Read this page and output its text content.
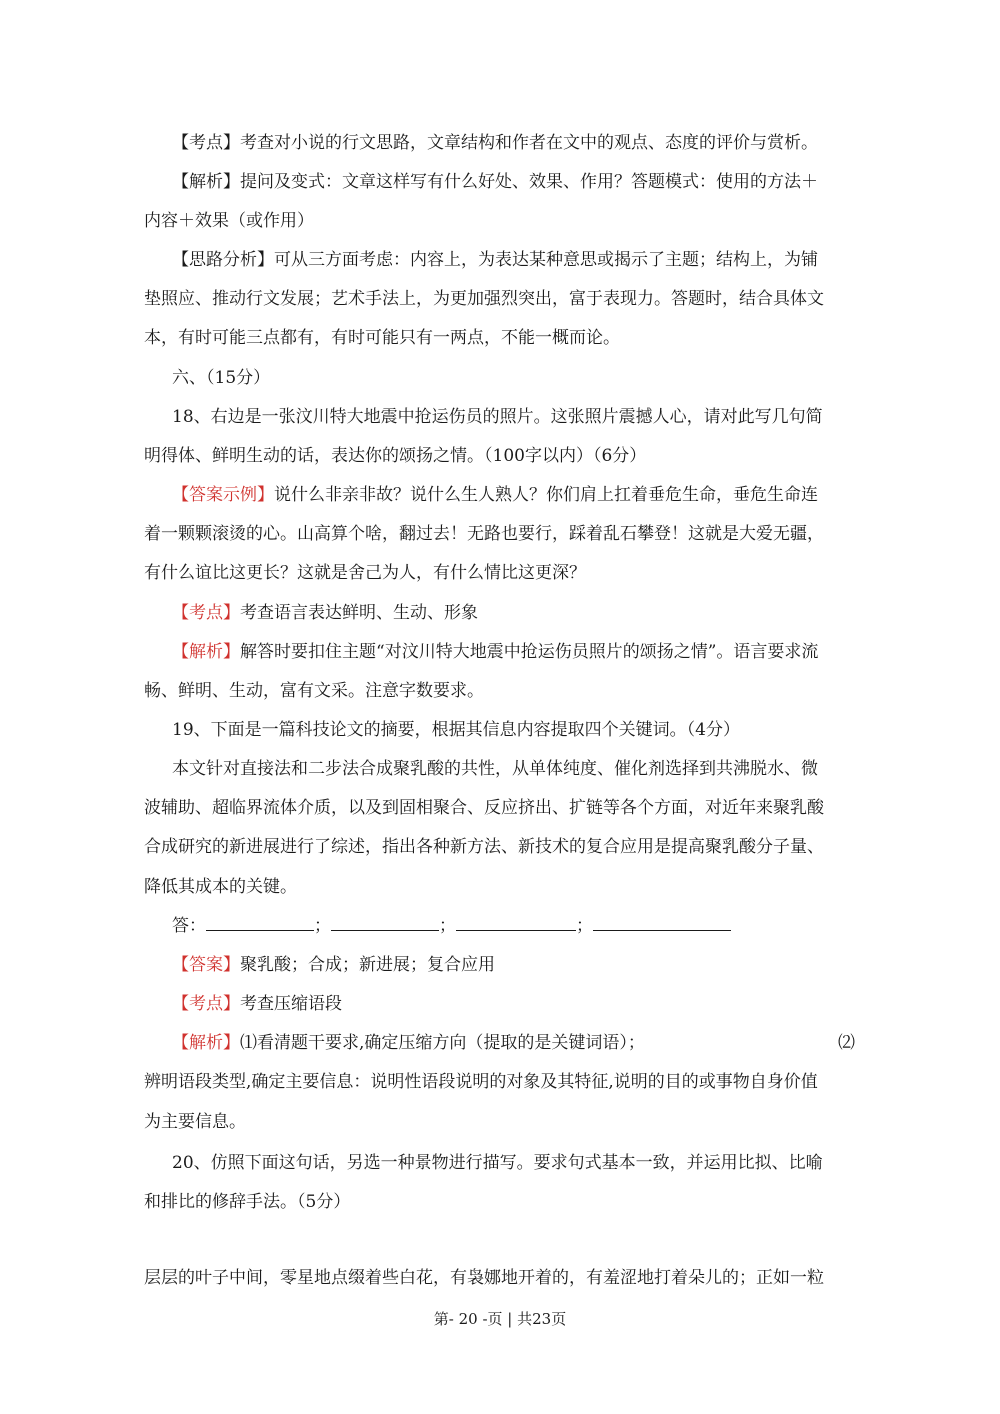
【考点】考查对小说的行文思路，文章结构和作者在文中的观点、态度的评价与赏析。
【解析】提问及变式：文章这样写有什么好处、效果、作用？答题模式：使用的方法＋
内容＋效果（或作用）
【思路分析】可从三方面考虑：内容上，为表达某种意思或揭示了主题；结构上，为铺
垫照应、推动行文发展；艺术手法上，为更加强烈突出，富于表现力。答题时，结合具体文
本，有时可能三点都有，有时可能只有一两点，不能一概而论。
六、（15分）
18、右边是一张汶川特大地震中抢运伤员的照片。这张照片震撼人心，请对此写几句简
明得体、鲜明生动的话，表达你的颂扬之情。（100字以内）（6分）
【答案示例】说什么非亲非故？说什么生人熟人？你们肩上扛着垂危生命，垂危生命连
着一颗颗滚烫的心。山高算个啥，翻过去！无路也要行，踩着乱石攀登！这就是大爱无疆，
有什么谊比这更长？这就是舍己为人，有什么情比这更深？
【考点】考查语言表达鲜明、生动、形象
【解析】解答时要扣住主题“对汶川特大地震中抢运伤员照片的颂扬之情”。语言要求流
畅、鲜明、生动，富有文采。注意字数要求。
19、下面是一篇科技论文的摘要，根据其信息内容提取四个关键词。（4分）
本文针对直接法和二步法合成聚乳酸的共性，从单体纯度、催化剂选择到共沸脱水、微
波辅助、超临界流体介质，以及到固相聚合、反应挤出、扩链等各个方面，对近年来聚乳酸
合成研究的新进展进行了综述，指出各种新方法、新技术的复合应用是提高聚乳酸分子量、
降低其成本的关键。
答：	；	；	；
【答案】聚乳酸；合成；新进展；复合应用
【考点】考查压缩语段
【解析】⑴看清题干要求,确定压缩方向（提取的是关键词语）；	⑵
辨明语段类型,确定主要信息：说明性语段说明的对象及其特征,说明的目的或事物自身价值
为主要信息。
20、仿照下面这句话，另选一种景物进行描写。要求句式基本一致，并运用比拟、比喻
和排比的修辞手法。（5分）
层层的叶子中间，零星地点缀着些白花，有袅娜地开着的，有羞涩地打着朵儿的；正如一粒
第- 20 -页 | 共23页
